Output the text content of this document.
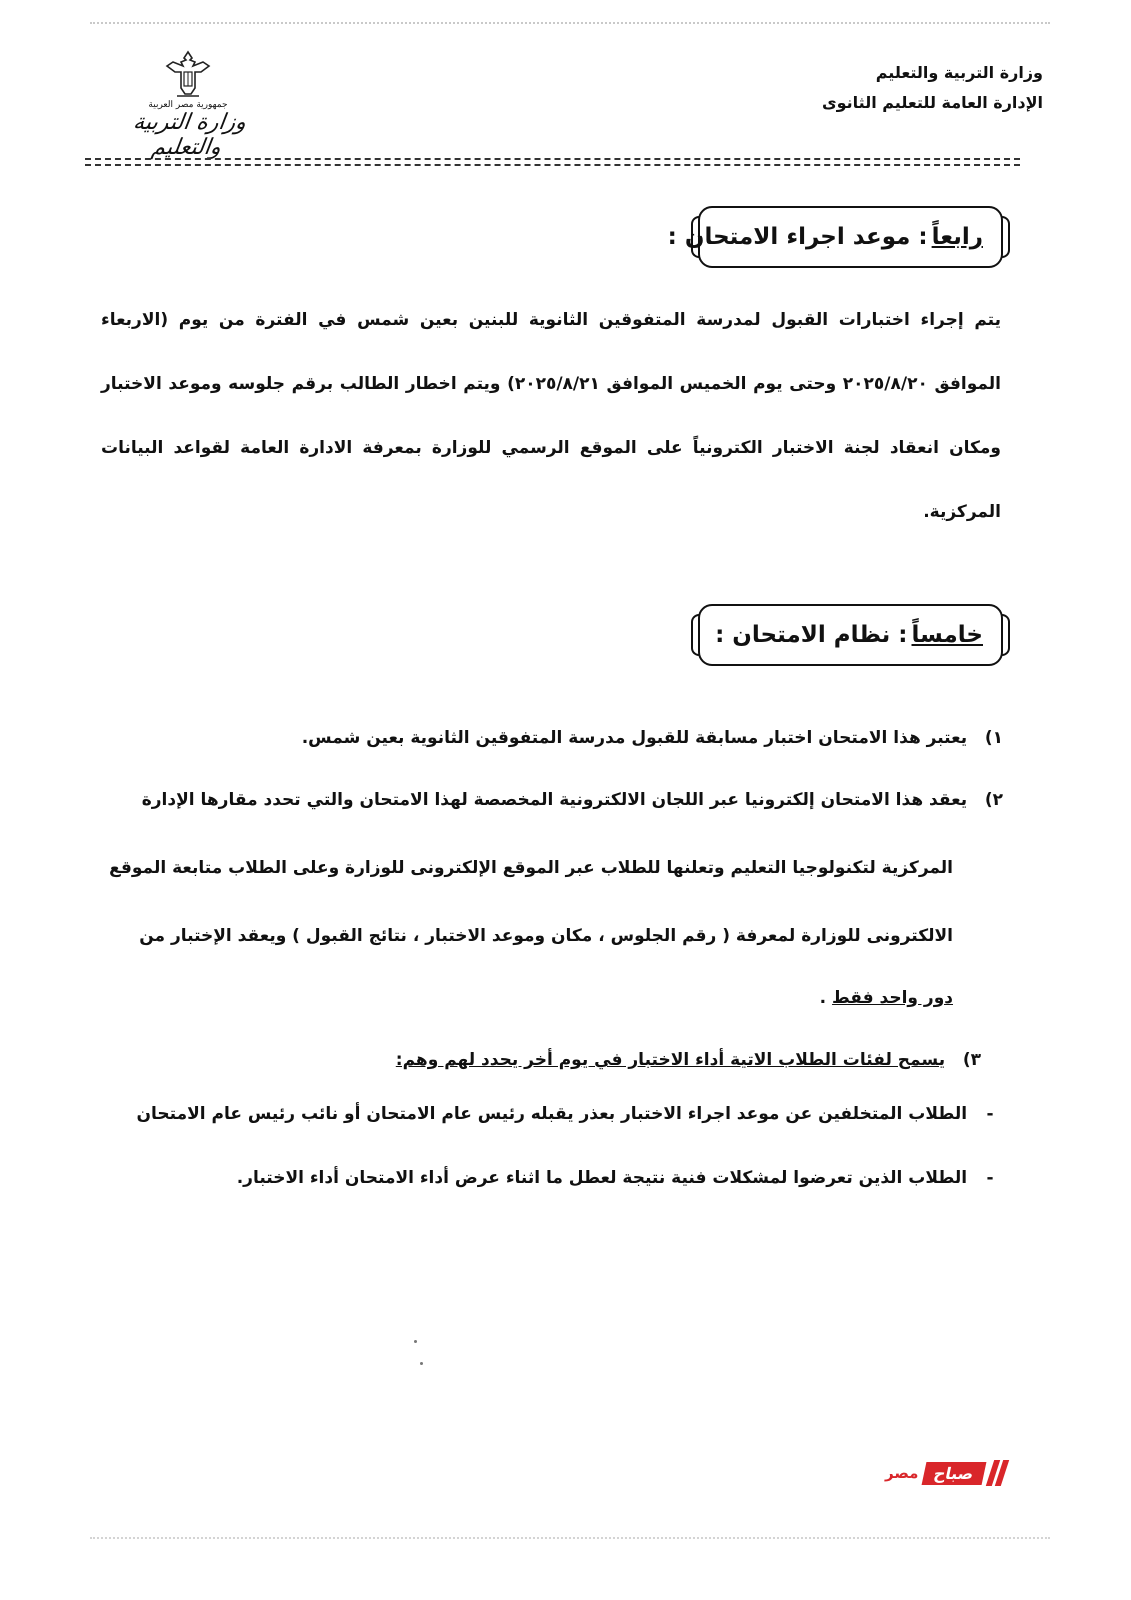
وزارة التربية والتعليم
الإدارة العامة للتعليم الثانوى
جمهورية مصر العربية
وزارة التربية والتعليم
رابعاً
: موعد اجراء الامتحان :
يتم إجراء اختبارات القبول لمدرسة المتفوقين الثانوية للبنين بعين شمس في الفترة من يوم (الاربعاء الموافق ٢٠٢٥/٨/٢٠ وحتى يوم الخميس الموافق ٢٠٢٥/٨/٢١) ويتم اخطار الطالب برقم جلوسه وموعد الاختبار ومكان انعقاد لجنة الاختبار الكترونياً على الموقع الرسمي للوزارة بمعرفة الادارة العامة لقواعد البيانات المركزية.
خامساً
: نظام الامتحان :
١) يعتبر هذا الامتحان اختبار مسابقة للقبول مدرسة المتفوقين الثانوية بعين شمس.
٢) يعقد هذا الامتحان إلكترونيا عبر اللجان الالكترونية المخصصة لهذا الامتحان والتي تحدد مقارها الإدارة
المركزية لتكنولوجيا التعليم وتعلنها للطلاب عبر الموقع الإلكترونى للوزارة وعلى الطلاب متابعة الموقع
الالكترونى للوزارة لمعرفة ( رقم الجلوس ، مكان وموعد الاختبار ، نتائج القبول ) ويعقد الإختبار من
دور واحد فقط .
٣) يسمح لفئات الطلاب الاتية أداء الاختبار في يوم أخر يحدد لهم وهم:
- الطلاب المتخلفين عن موعد اجراء الاختبار بعذر يقبله رئيس عام الامتحان أو نائب رئيس عام الامتحان
- الطلاب الذين تعرضوا لمشكلات فنية نتيجة لعطل ما اثناء عرض أداء الامتحان أداء الاختبار.
مصر صباح
